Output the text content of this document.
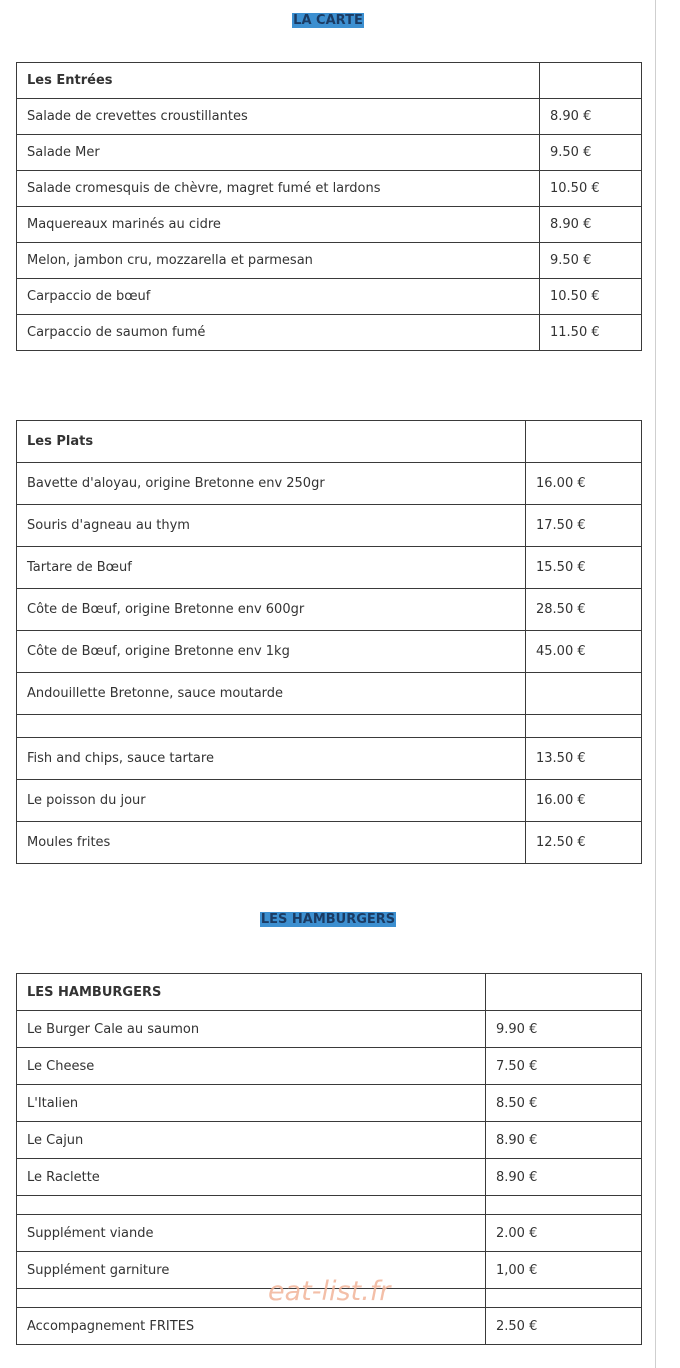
LA CARTE
Les Entrées	
Salade de crevettes croustillantes	8.90 €
Salade Mer	9.50 €
Salade cromesquis de chèvre, magret fumé et lardons	10.50 €
Maquereaux marinés au cidre	8.90 €
Melon, jambon cru, mozzarella et parmesan	9.50 €
Carpaccio de bœuf	10.50 €
Carpaccio de saumon fumé	11.50 €
Les Plats	
Bavette d'aloyau, origine Bretonne env 250gr	16.00 €
Souris d'agneau au thym	17.50 €
Tartare de Bœuf	15.50 €
Côte de Bœuf, origine Bretonne env 600gr	28.50 €
Côte de Bœuf, origine Bretonne env 1kg	45.00 €
Andouillette Bretonne, sauce moutarde	

Fish and chips, sauce tartare	13.50 €
Le poisson du jour	16.00 €
Moules frites	12.50 €
LES HAMBURGERS
LES HAMBURGERS	
Le Burger Cale au saumon	9.90 €
Le Cheese	7.50 €
L'Italien	8.50 €
Le Cajun	8.90 €
Le Raclette	8.90 €

Supplément viande	2.00 €
Supplément garniture	1,00 €

Accompagnement FRITES	2.50 €
eat-list.fr
